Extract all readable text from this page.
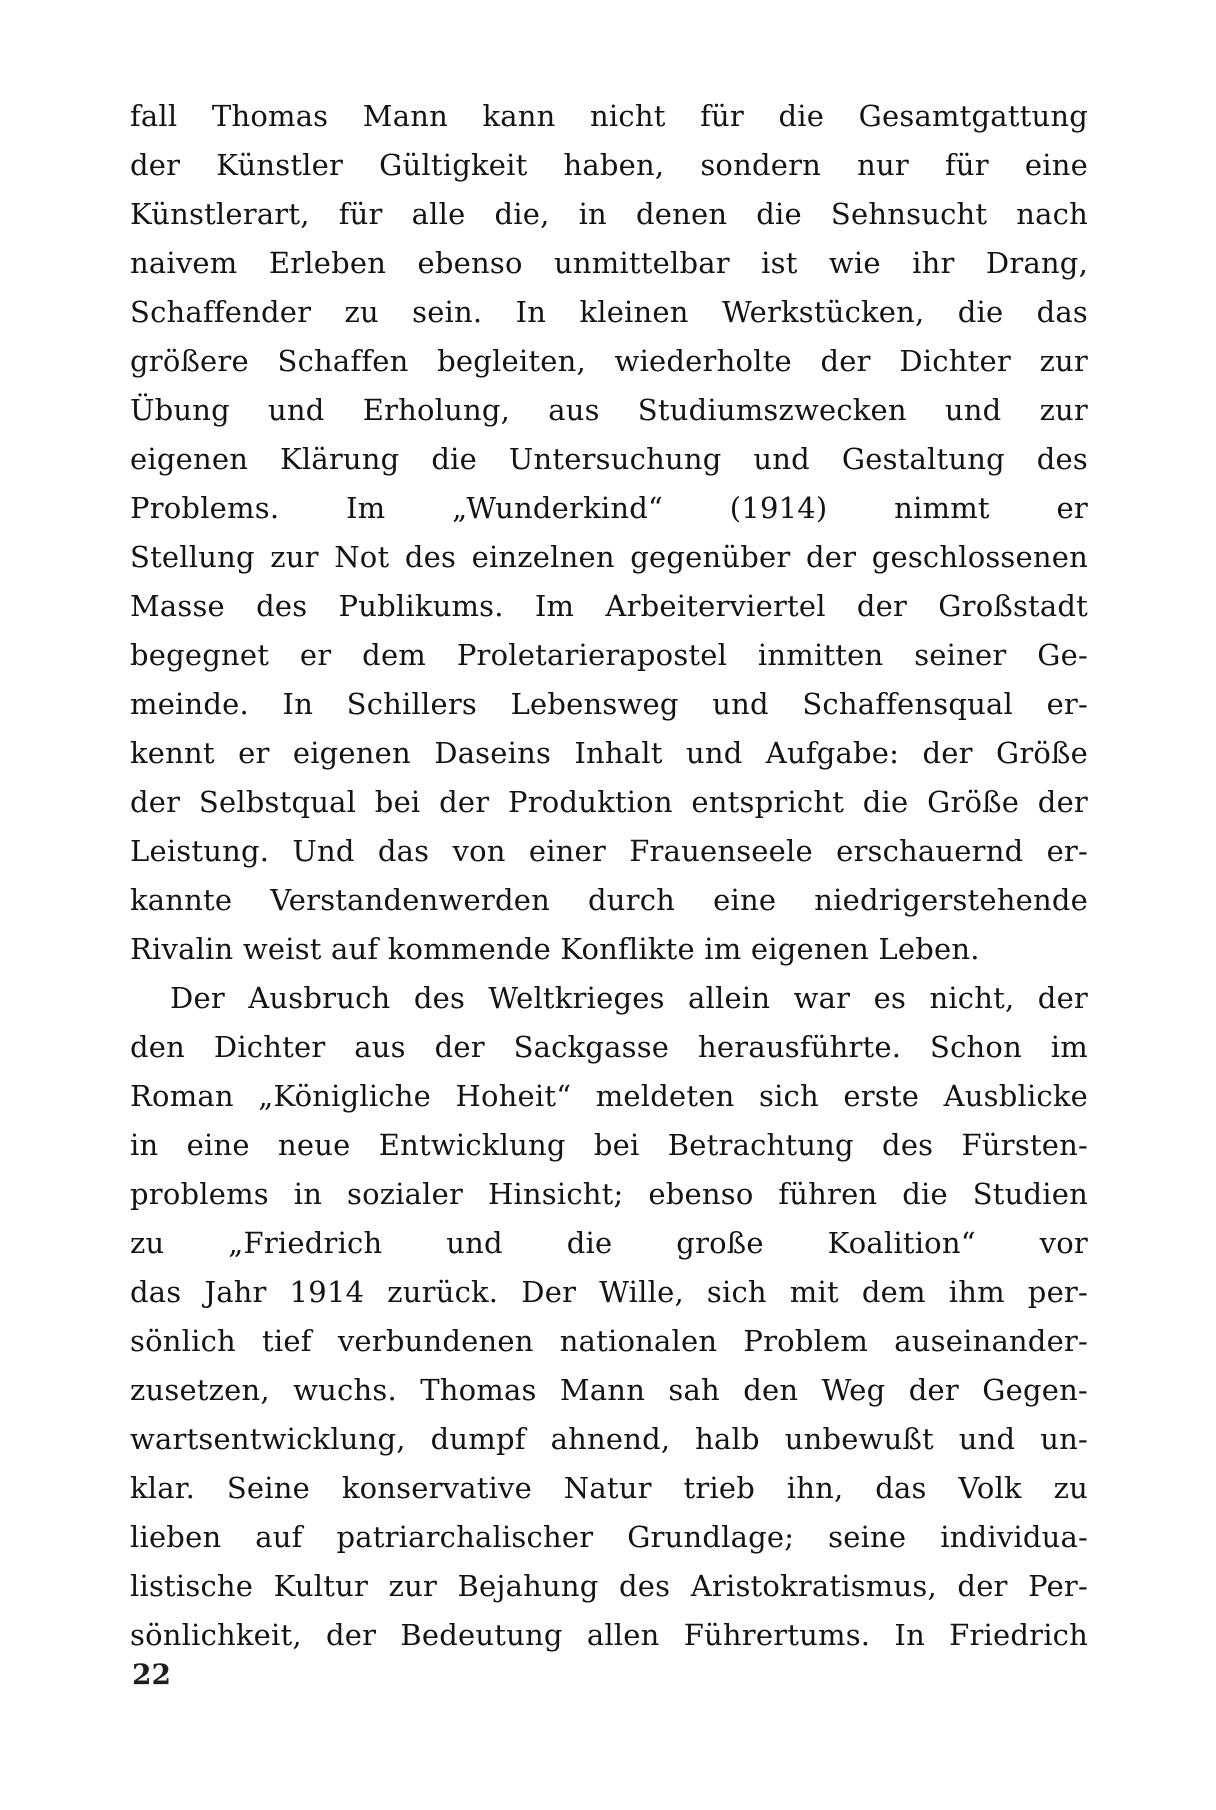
fall Thomas Mann kann nicht für die Gesamtgattung
der Künstler Gültigkeit haben, sondern nur für eine
Künstlerart, für alle die, in denen die Sehnsucht nach
naivem Erleben ebenso unmittelbar ist wie ihr Drang,
Schaffender zu sein. In kleinen Werkstücken, die das
größere Schaffen begleiten, wiederholte der Dichter zur
Übung und Erholung, aus Studiumszwecken und zur
eigenen Klärung die Untersuchung und Gestaltung des
Problems. Im „Wunderkind“ (1914) nimmt er
Stellung zur Not des einzelnen gegenüber der geschlossenen
Masse des Publikums. Im Arbeiterviertel der Großstadt
begegnet er dem Proletarierapostel inmitten seiner Ge-
meinde. In Schillers Lebensweg und Schaffensqual er-
kennt er eigenen Daseins Inhalt und Aufgabe: der Größe
der Selbstqual bei der Produktion entspricht die Größe der
Leistung. Und das von einer Frauenseele erschauernd er-
kannte Verstandenwerden durch eine niedrigerstehende
Rivalin weist auf kommende Konflikte im eigenen Leben.
Der Ausbruch des Weltkrieges allein war es nicht, der
den Dichter aus der Sackgasse herausführte. Schon im
Roman „Königliche Hoheit“ meldeten sich erste Ausblicke
in eine neue Entwicklung bei Betrachtung des Fürsten-
problems in sozialer Hinsicht; ebenso führen die Studien
zu „Friedrich und die große Koalition“ vor
das Jahr 1914 zurück. Der Wille, sich mit dem ihm per-
sönlich tief verbundenen nationalen Problem auseinander-
zusetzen, wuchs. Thomas Mann sah den Weg der Gegen-
wartsentwicklung, dumpf ahnend, halb unbewußt und un-
klar. Seine konservative Natur trieb ihn, das Volk zu
lieben auf patriarchalischer Grundlage; seine individua-
listische Kultur zur Bejahung des Aristokratismus, der Per-
sönlichkeit, der Bedeutung allen Führertums. In Friedrich
22
